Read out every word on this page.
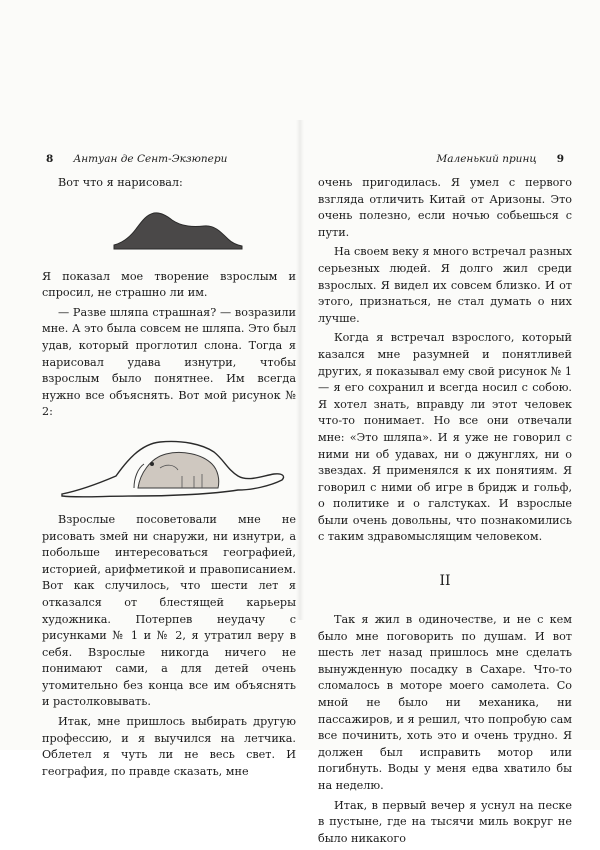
8 Антуан де Сент-Экзюпери	Маленький принц 9

Вот что я нарисовал:

Я показал мое творение взрослым и спросил, не страшно ли им.

— Разве шляпа страшная? — возразили мне. А это была совсем не шляпа. Это был удав, который проглотил слона. Тогда я нарисовал удава изнутри, чтобы взрослым было понятнее. Им всегда нужно все объяснять. Вот мой рисунок № 2:

Взрослые посоветовали мне не рисовать змей ни снаружи, ни изнутри, а побольше интересоваться географией, историей, арифметикой и правописанием. Вот как случилось, что шести лет я отказался от блестящей карьеры художника. Потерпев неудачу с рисунками № 1 и № 2, я утратил веру в себя. Взрослые никогда ничего не понимают сами, а для детей очень утомительно без конца все им объяснять и растолковывать.

Итак, мне пришлось выбирать другую профессию, и я выучился на летчика. Облетел я чуть ли не весь свет. И география, по правде сказать, мне

очень пригодилась. Я умел с первого взгляда отличить Китай от Аризоны. Это очень полезно, если ночью собьешься с пути.

На своем веку я много встречал разных серьезных людей. Я долго жил среди взрослых. Я видел их совсем близко. И от этого, признаться, не стал думать о них лучше.

Когда я встречал взрослого, который казался мне разумней и понятливей других, я показывал ему свой рисунок № 1 — я его сохранил и всегда носил с собою. Я хотел знать, вправду ли этот человек что-то понимает. Но все они отвечали мне: «Это шляпа». И я уже не говорил с ними ни об удавах, ни о джунглях, ни о звездах. Я применялся к их понятиям. Я говорил с ними об игре в бридж и гольф, о политике и о галстуках. И взрослые были очень довольны, что познакомились с таким здравомыслящим человеком.

II

Так я жил в одиночестве, и не с кем было мне поговорить по душам. И вот шесть лет назад пришлось мне сделать вынужденную посадку в Сахаре. Что-то сломалось в моторе моего самолета. Со мной не было ни механика, ни пассажиров, и я решил, что попробую сам все починить, хоть это и очень трудно. Я должен был исправить мотор или погибнуть. Воды у меня едва хватило бы на неделю.

Итак, в первый вечер я уснул на песке в пустыне, где на тысячи миль вокруг не было никакого
